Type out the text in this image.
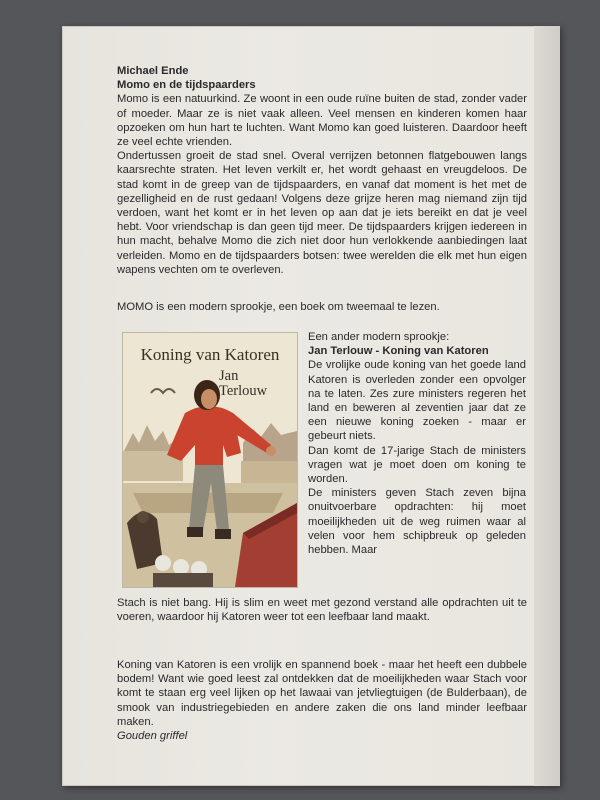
Michael Ende

Momo en de tijdspaarders

Momo is een natuurkind. Ze woont in een oude ruïne buiten de stad, zonder vader of moeder. Maar ze is niet vaak alleen. Veel mensen en kinderen komen haar opzoeken om hun hart te luchten. Want Momo kan goed luisteren. Daardoor heeft ze veel echte vrienden.

Ondertussen groeit de stad snel. Overal verrijzen betonnen flatgebouwen langs kaarsrechte straten. Het leven verkilt er, het wordt gehaast en vreugdeloos. De stad komt in de greep van de tijdspaarders, en vanaf dat moment is het met de gezelligheid en de rust gedaan! Volgens deze grijze heren mag niemand zijn tijd verdoen, want het komt er in het leven op aan dat je iets bereikt en dat je veel hebt. Voor vriendschap is dan geen tijd meer. De tijdspaarders krijgen iedereen in hun macht, behalve Momo die zich niet door hun verlokkende aanbiedingen laat verleiden. Momo en de tijdspaarders botsen: twee werelden die elk met hun eigen wapens vechten om te overleven.

MOMO is een modern sprookje, een boek om tweemaal te lezen.

Koning van Katoren
Jan
Terlouw

Een ander modern sprookje:

Jan Terlouw - Koning van Katoren

De vrolijke oude koning van het goede land Katoren is overleden zonder een opvolger na te laten. Zes zure ministers regeren het land en beweren al zeventien jaar dat ze een nieuwe koning zoeken - maar er gebeurt niets.

Dan komt de 17-jarige Stach de ministers vragen wat je moet doen om koning te worden.

De ministers geven Stach zeven bijna onuitvoerbare opdrachten: hij moet moeilijkheden uit de weg ruimen waar al velen voor hem schipbreuk op geleden hebben. Maar

Stach is niet bang. Hij is slim en weet met gezond verstand alle opdrachten uit te voeren, waardoor hij Katoren weer tot een leefbaar land maakt.

Koning van Katoren is een vrolijk en spannend boek - maar het heeft een dubbele bodem! Want wie goed leest zal ontdekken dat de moeilijkheden waar Stach voor komt te staan erg veel lijken op het lawaai van jetvliegtuigen (de Bulderbaan), de smook van industriegebieden en andere zaken die ons land minder leefbaar maken.

Gouden griffel
